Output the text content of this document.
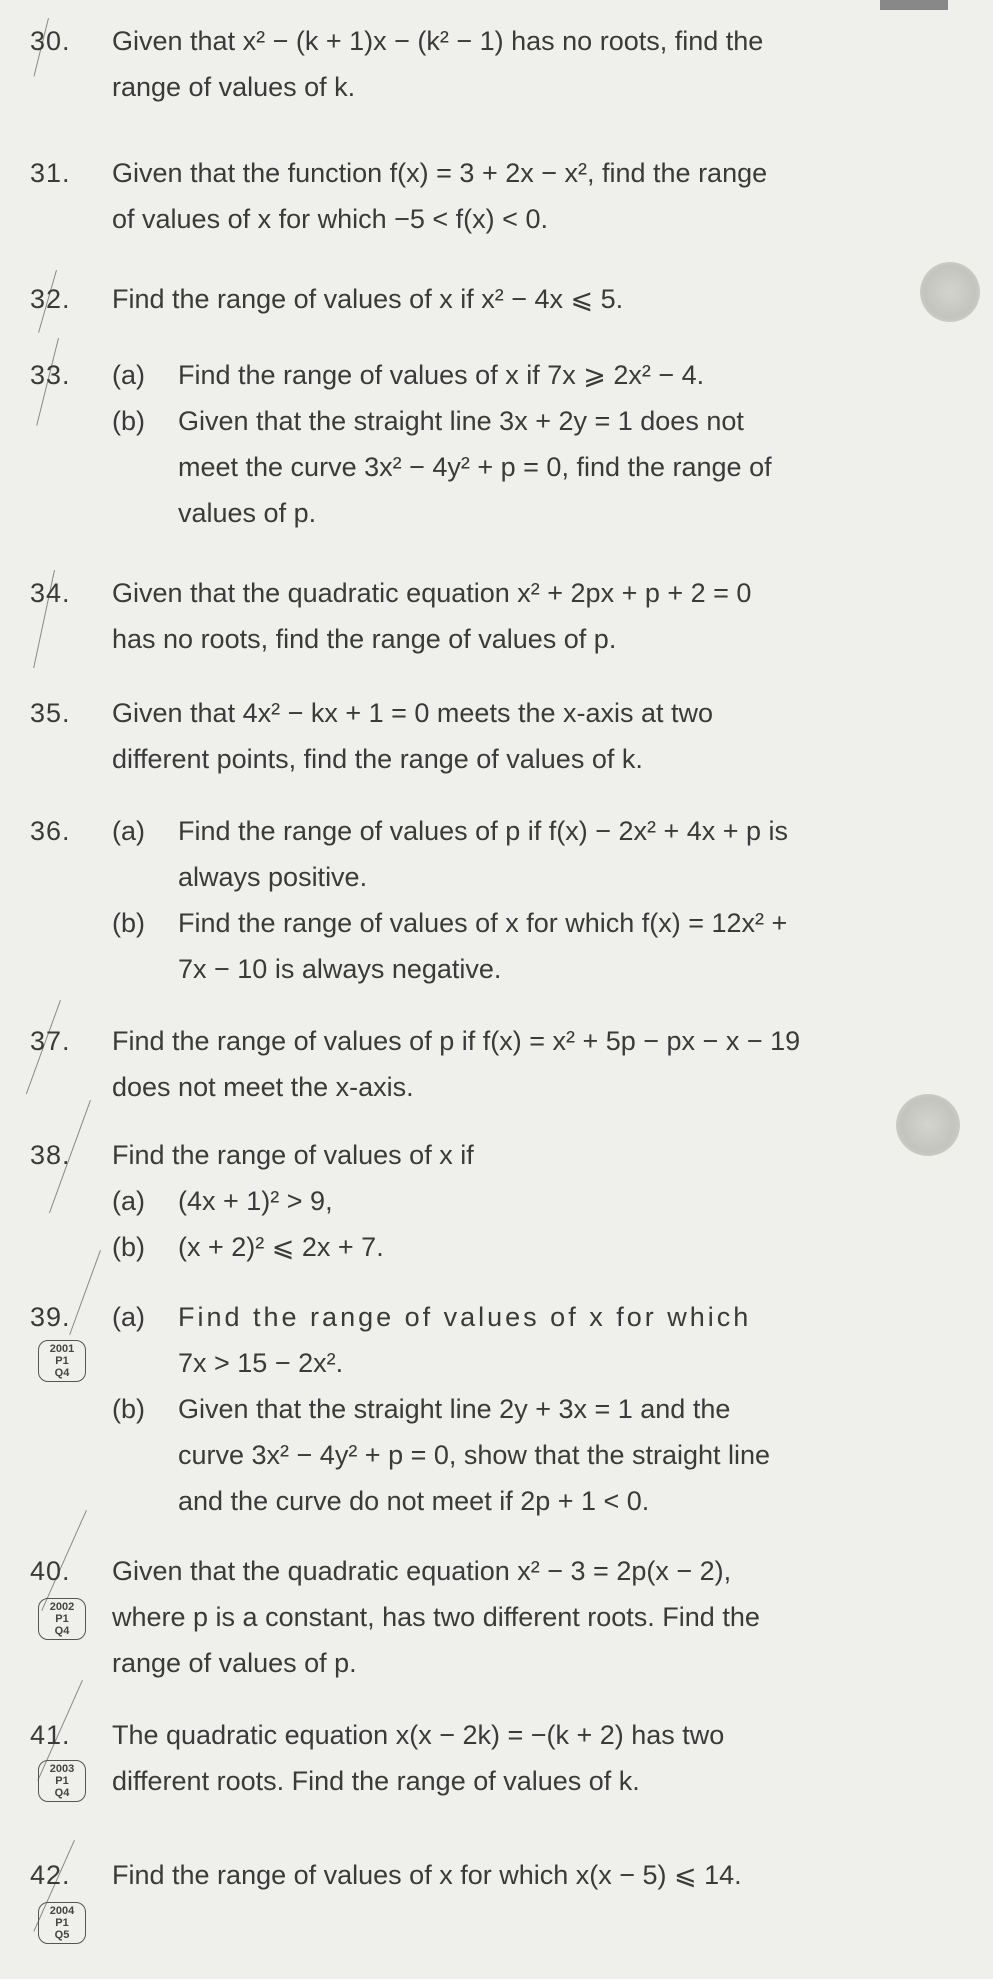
30. Given that x² − (k + 1)x − (k² − 1) has no roots, find the
range of values of k.
31. Given that the function f(x) = 3 + 2x − x², find the range
of values of x for which −5 < f(x) < 0.
32. Find the range of values of x if x² − 4x ⩽ 5.
33. (a) Find the range of values of x if 7x ⩾ 2x² − 4.
(b) Given that the straight line 3x + 2y = 1 does not
meet the curve 3x² − 4y² + p = 0, find the range of
values of p.
34. Given that the quadratic equation x² + 2px + p + 2 = 0
has no roots, find the range of values of p.
35. Given that 4x² − kx + 1 = 0 meets the x-axis at two
different points, find the range of values of k.
36. (a) Find the range of values of p if f(x) − 2x² + 4x + p is
always positive.
(b) Find the range of values of x for which f(x) = 12x² +
7x − 10 is always negative.
37. Find the range of values of p if f(x) = x² + 5p − px − x − 19
does not meet the x-axis.
38. Find the range of values of x if
(a) (4x + 1)² > 9,
(b) (x + 2)² ⩽ 2x + 7.
39.
2001
P1
Q4
(a) Find the range of values of x for which
7x > 15 − 2x².
(b) Given that the straight line 2y + 3x = 1 and the
curve 3x² − 4y² + p = 0, show that the straight line
and the curve do not meet if 2p + 1 < 0.
40.
2002
P1
Q4
Given that the quadratic equation x² − 3 = 2p(x − 2),
where p is a constant, has two different roots. Find the
range of values of p.
41.
2003
P1
Q4
The quadratic equation x(x − 2k) = −(k + 2) has two
different roots. Find the range of values of k.
42.
2004
P1
Q5
Find the range of values of x for which x(x − 5) ⩽ 14.
